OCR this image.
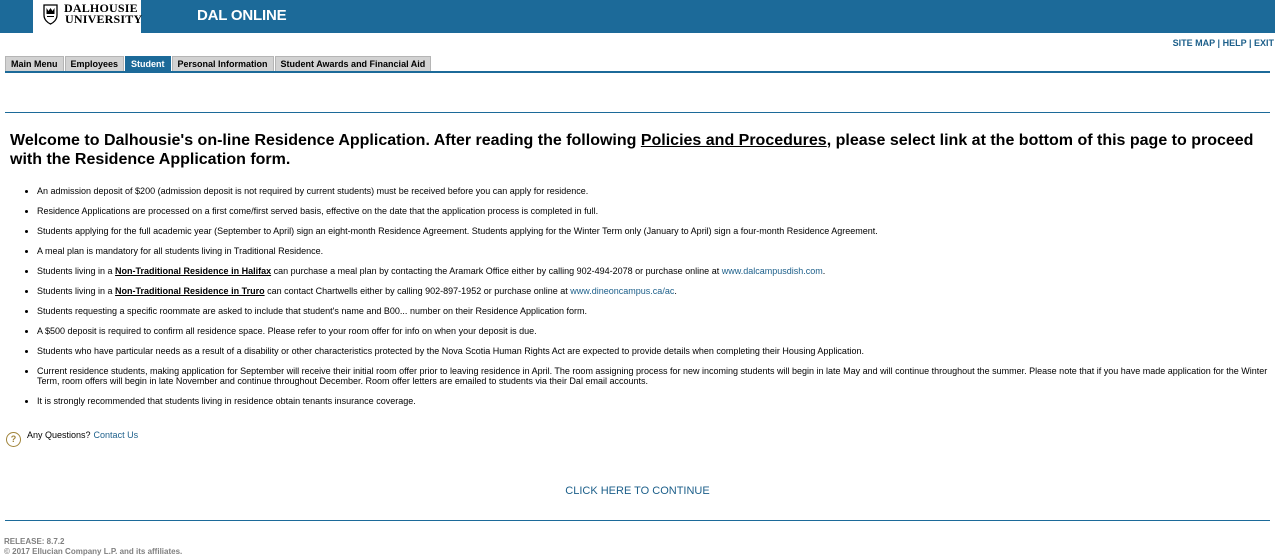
DALHOUSIE
UNIVERSITY	DAL ONLINE
SITE MAP | HELP | EXIT
Main Menu	Employees	Student	Personal Information	Student Awards and Financial Aid
Welcome to Dalhousie's on-line Residence Application. After reading the following Policies and Procedures, please select link at the bottom of this page to proceed with the Residence Application form.
• An admission deposit of $200 (admission deposit is not required by current students) must be received before you can apply for residence.
• Residence Applications are processed on a first come/first served basis, effective on the date that the application process is completed in full.
• Students applying for the full academic year (September to April) sign an eight-month Residence Agreement. Students applying for the Winter Term only (January to April) sign a four-month Residence Agreement.
• A meal plan is mandatory for all students living in Traditional Residence.
• Students living in a Non-Traditional Residence in Halifax can purchase a meal plan by contacting the Aramark Office either by calling 902-494-2078 or purchase online at www.dalcampusdish.com.
• Students living in a Non-Traditional Residence in Truro can contact Chartwells either by calling 902-897-1952 or purchase online at www.dineoncampus.ca/ac.
• Students requesting a specific roommate are asked to include that student's name and B00... number on their Residence Application form.
• A $500 deposit is required to confirm all residence space. Please refer to your room offer for info on when your deposit is due.
• Students who have particular needs as a result of a disability or other characteristics protected by the Nova Scotia Human Rights Act are expected to provide details when completing their Housing Application.
• Current residence students, making application for September will receive their initial room offer prior to leaving residence in April. The room assigning process for new incoming students will begin in late May and will continue throughout the summer. Please note that if you have made application for the Winter Term, room offers will begin in late November and continue throughout December. Room offer letters are emailed to students via their Dal email accounts.
• It is strongly recommended that students living in residence obtain tenants insurance coverage.
?	Any Questions? Contact Us
CLICK HERE TO CONTINUE
RELEASE: 8.7.2
© 2017 Ellucian Company L.P. and its affiliates.
